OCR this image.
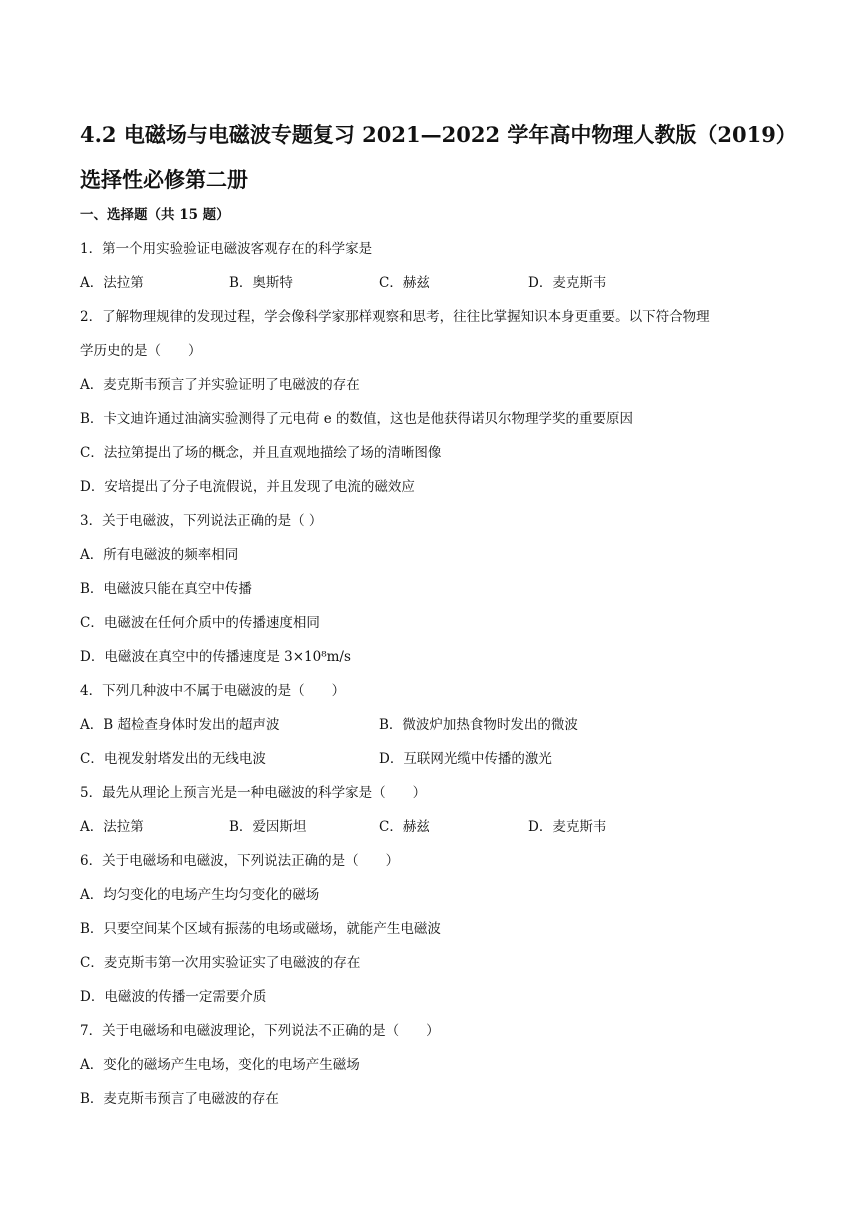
4.2 电磁场与电磁波专题复习 2021—2022 学年高中物理人教版（2019）
选择性必修第二册
一、选择题（共 15 题）
1．第一个用实验验证电磁波客观存在的科学家是
A．法拉第	B．奥斯特	C．赫兹	D．麦克斯韦
2．了解物理规律的发现过程，学会像科学家那样观察和思考，往往比掌握知识本身更重要。以下符合物理
学历史的是（　　）
A．麦克斯韦预言了并实验证明了电磁波的存在
B．卡文迪许通过油滴实验测得了元电荷 e 的数值，这也是他获得诺贝尔物理学奖的重要原因
C．法拉第提出了场的概念，并且直观地描绘了场的清晰图像
D．安培提出了分子电流假说，并且发现了电流的磁效应
3．关于电磁波，下列说法正确的是（ ）
A．所有电磁波的频率相同
B．电磁波只能在真空中传播
C．电磁波在任何介质中的传播速度相同
D．电磁波在真空中的传播速度是 3×10⁸m/s
4．下列几种波中不属于电磁波的是（　　）
A．B 超检查身体时发出的超声波	B．微波炉加热食物时发出的微波
C．电视发射塔发出的无线电波	D．互联网光缆中传播的激光
5．最先从理论上预言光是一种电磁波的科学家是（　　）
A．法拉第	B．爱因斯坦	C．赫兹	D．麦克斯韦
6．关于电磁场和电磁波，下列说法正确的是（　　）
A．均匀变化的电场产生均匀变化的磁场
B．只要空间某个区域有振荡的电场或磁场，就能产生电磁波
C．麦克斯韦第一次用实验证实了电磁波的存在
D．电磁波的传播一定需要介质
7．关于电磁场和电磁波理论，下列说法不正确的是（　　）
A．变化的磁场产生电场，变化的电场产生磁场
B．麦克斯韦预言了电磁波的存在
